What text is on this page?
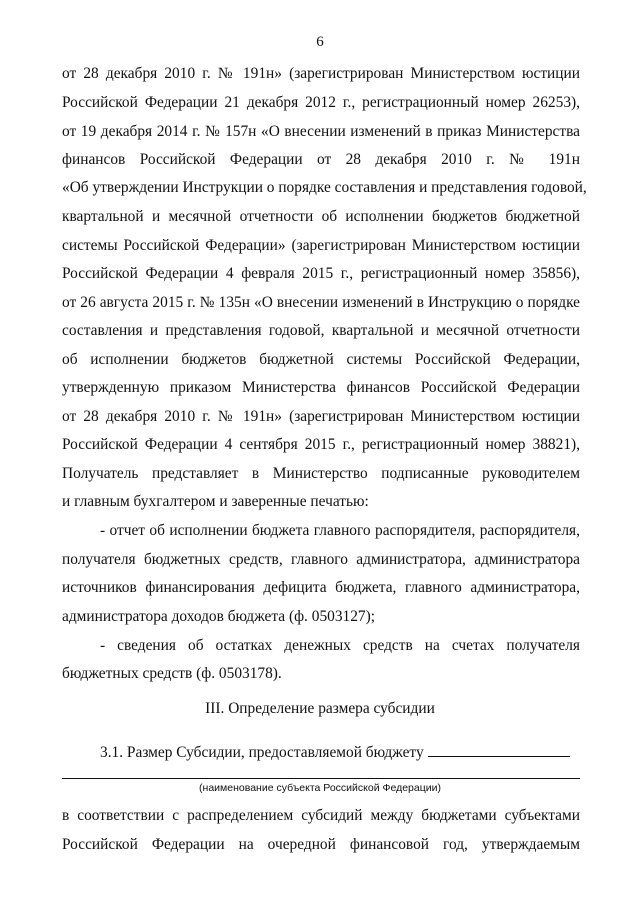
6
от 28 декабря 2010 г. № 191н» (зарегистрирован Министерством юстиции
Российской Федерации 21 декабря 2012 г., регистрационный номер 26253),
от 19 декабря 2014 г. № 157н «О внесении изменений в приказ Министерства
финансов Российской Федерации от 28 декабря 2010 г. № 191н
«Об утверждении Инструкции о порядке составления и представления годовой,
квартальной и месячной отчетности об исполнении бюджетов бюджетной
системы Российской Федерации» (зарегистрирован Министерством юстиции
Российской Федерации 4 февраля 2015 г., регистрационный номер 35856),
от 26 августа 2015 г. № 135н «О внесении изменений в Инструкцию о порядке
составления и представления годовой, квартальной и месячной отчетности
об исполнении бюджетов бюджетной системы Российской Федерации,
утвержденную приказом Министерства финансов Российской Федерации
от 28 декабря 2010 г. № 191н» (зарегистрирован Министерством юстиции
Российской Федерации 4 сентября 2015 г., регистрационный номер 38821),
Получатель представляет в Министерство подписанные руководителем
и главным бухгалтером и заверенные печатью:
- отчет об исполнении бюджета главного распорядителя, распорядителя,
получателя бюджетных средств, главного администратора, администратора
источников финансирования дефицита бюджета, главного администратора,
администратора доходов бюджета (ф. 0503127);
- сведения об остатках денежных средств на счетах получателя
бюджетных средств (ф. 0503178).
III. Определение размера субсидии
3.1. Размер Субсидии, предоставляемой бюджету
(наименование субъекта Российской Федерации)
в соответствии с распределением субсидий между бюджетами субъектами
Российской Федерации на очередной финансовой год, утверждаемым
